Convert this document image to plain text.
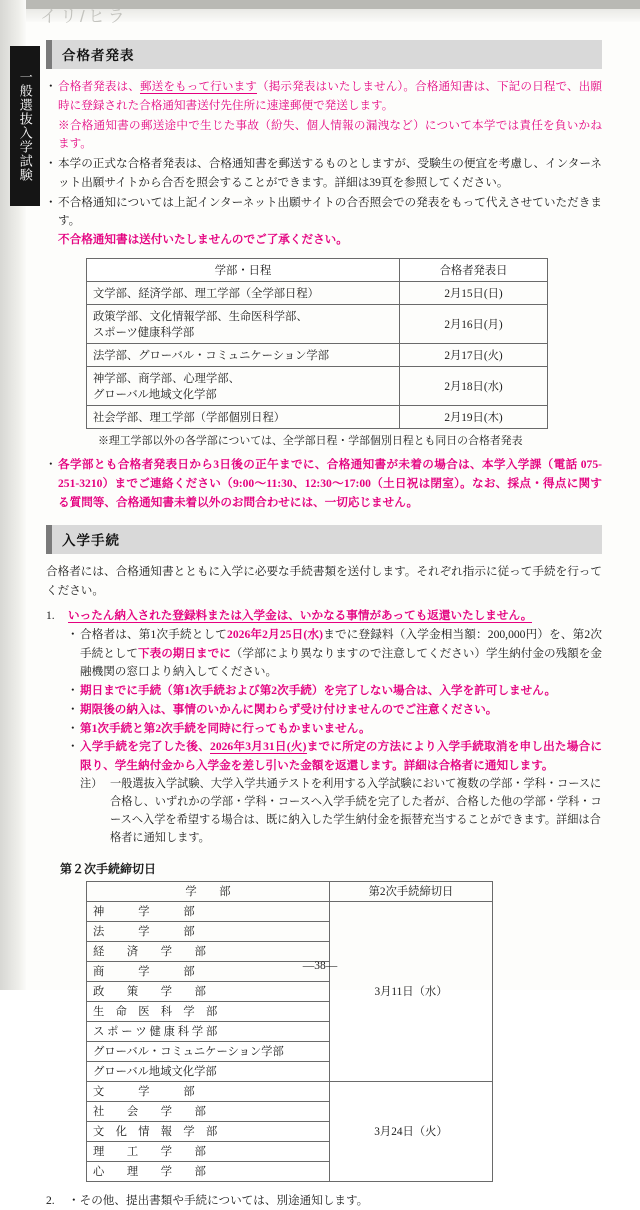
イリ/ヒラ
一般選抜入学試験
合格者発表
・ 合格者発表は、郵送をもって行います（掲示発表はいたしません）。合格通知書は、下記の日程で、出願時に登録された合格通知書送付先住所に速達郵便で発送します。
※合格通知書の郵送途中で生じた事故（紛失、個人情報の漏洩など）について本学では責任を負いかねます。
・ 本学の正式な合格者発表は、合格通知書を郵送するものとしますが、受験生の便宜を考慮し、インターネット出願サイトから合否を照会することができます。詳細は39頁を参照してください。
・ 不合格通知については上記インターネット出願サイトの合否照会での発表をもって代えさせていただきます。
不合格通知書は送付いたしませんのでご了承ください。
学部・日程	合格者発表日
文学部、経済学部、理工学部（全学部日程）	2月15日(日)
政策学部、文化情報学部、生命医科学部、
スポーツ健康科学部	2月16日(月)
法学部、グローバル・コミュニケーション学部	2月17日(火)
神学部、商学部、心理学部、
グローバル地域文化学部	2月18日(水)
社会学部、理工学部（学部個別日程）	2月19日(木)
※理工学部以外の各学部については、全学部日程・学部個別日程とも同日の合格者発表
・ 各学部とも合格者発表日から3日後の正午までに、合格通知書が未着の場合は、本学入学課（電話 075-251-3210）までご連絡ください（9:00～11:30、12:30～17:00（土日祝は閉室）。なお、採点・得点に関する質問等、合格通知書未着以外のお問合わせには、一切応じません。
入学手続
合格者には、合格通知書とともに入学に必要な手続書類を送付します。それぞれ指示に従って手続を行ってください。
1. いったん納入された登録料または入学金は、いかなる事情があっても返還いたしません。
・ 合格者は、第1次手続として2026年2月25日(水)までに登録料（入学金相当額：200,000円）を、第2次手続として下表の期日までに（学部により異なりますので注意してください）学生納付金の残額を金融機関の窓口より納入してください。
・ 期日までに手続（第1次手続および第2次手続）を完了しない場合は、入学を許可しません。
・ 期限後の納入は、事情のいかんに関わらず受け付けませんのでご注意ください。
・ 第1次手続と第2次手続を同時に行ってもかまいません。
・ 入学手続を完了した後、2026年3月31日(火)までに所定の方法により入学手続取消を申し出た場合に限り、学生納付金から入学金を差し引いた金額を返還します。詳細は合格者に通知します。
注） 一般選抜入学試験、大学入学共通テストを利用する入学試験において複数の学部・学科・コースに合格し、いずれかの学部・学科・コースへ入学手続を完了した者が、合格した他の学部・学科・コースへ入学を希望する場合は、既に納入した学生納付金を振替充当することができます。詳細は合格者に通知します。
第２次手続締切日
学　　部	第2次手続締切日
神　　　学　　　部	3月11日（水）
法　　　学　　　部	
経　　済　　学　　部	
商　　　学　　　部	
政　　策　　学　　部	
生　命　医　科　学　部	
ス ポ ー ツ 健 康 科 学 部	
グローバル・コミュニケーション学部	
グローバル地域文化学部	
文　　　学　　　部	3月24日（火）
社　　会　　学　　部	
文　化　情　報　学　部	
理　　工　　学　　部	
心　　理　　学　　部	
2. ・その他、提出書類や手続については、別途通知します。
—38—
